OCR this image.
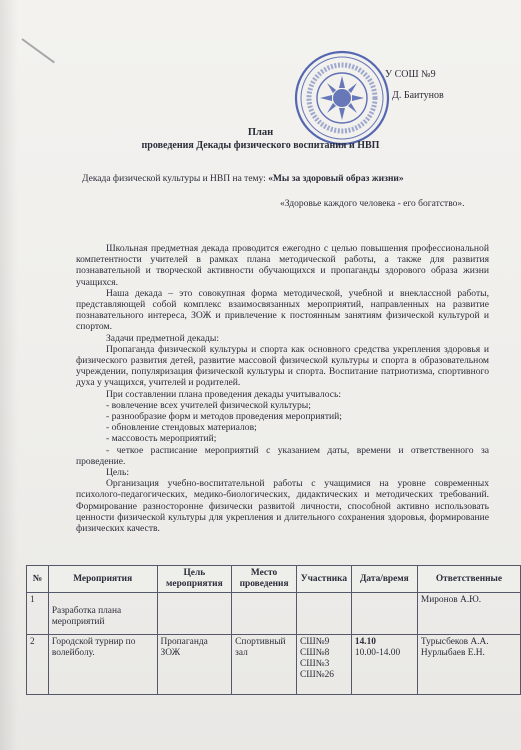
У СОШ №9
Д. Баитунов
План
проведения Декады физического воспитания и НВП
Декада физической культуры и НВП на тему: «Мы за здоровый образ жизни»
«Здоровье каждого человека - его богатство».

Школьная предметная декада проводится ежегодно с целью повышения профессиональной компетентности учителей в рамках плана методической работы, а также для развития познавательной и творческой активности обучающихся и пропаганды здорового образа жизни учащихся.

Наша декада – это совокупная форма методической, учебной и внеклассной работы, представляющей собой комплекс взаимосвязанных мероприятий, направленных на развитие познавательного интереса, ЗОЖ и привлечение к постоянным занятиям физической культурой и спортом.

Задачи предметной декады:

Пропаганда физической культуры и спорта как основного средства укрепления здоровья и физического развития детей, развитие массовой физической культуры и спорта в образовательном учреждении, популяризация физической культуры и спорта. Воспитание патриотизма, спортивного духа у учащихся, учителей и родителей.

При составлении плана проведения декады учитывалось:

- вовлечение всех учителей физической культуры;

- разнообразие форм и методов проведения мероприятий;

- обновление стендовых материалов;

- массовость мероприятий;

- четкое расписание мероприятий с указанием даты, времени и ответственного за проведение.

Цель:

Организация учебно-воспитательной работы с учащимися на уровне современных психолого-педагогических, медико-биологических, дидактических и методических требований. Формирование разносторонне физически развитой личности, способной активно использовать ценности физической культуры для укрепления и длительного сохранения здоровья, формирование физических качеств.

№	Мероприятия	Цель мероприятия	Место проведения	Участника	Дата/время	Ответственные
1	Разработка плана мероприятий					Миронов А.Ю.
2	Городской турнир по волейболу.	Пропаганда ЗОЖ	Спортивный зал	СШ№9 СШ№8 СШ№3 СШ№26	14.10
10.00-14.00	Турысбеков А.А. Нурлыбаев Е.Н.
